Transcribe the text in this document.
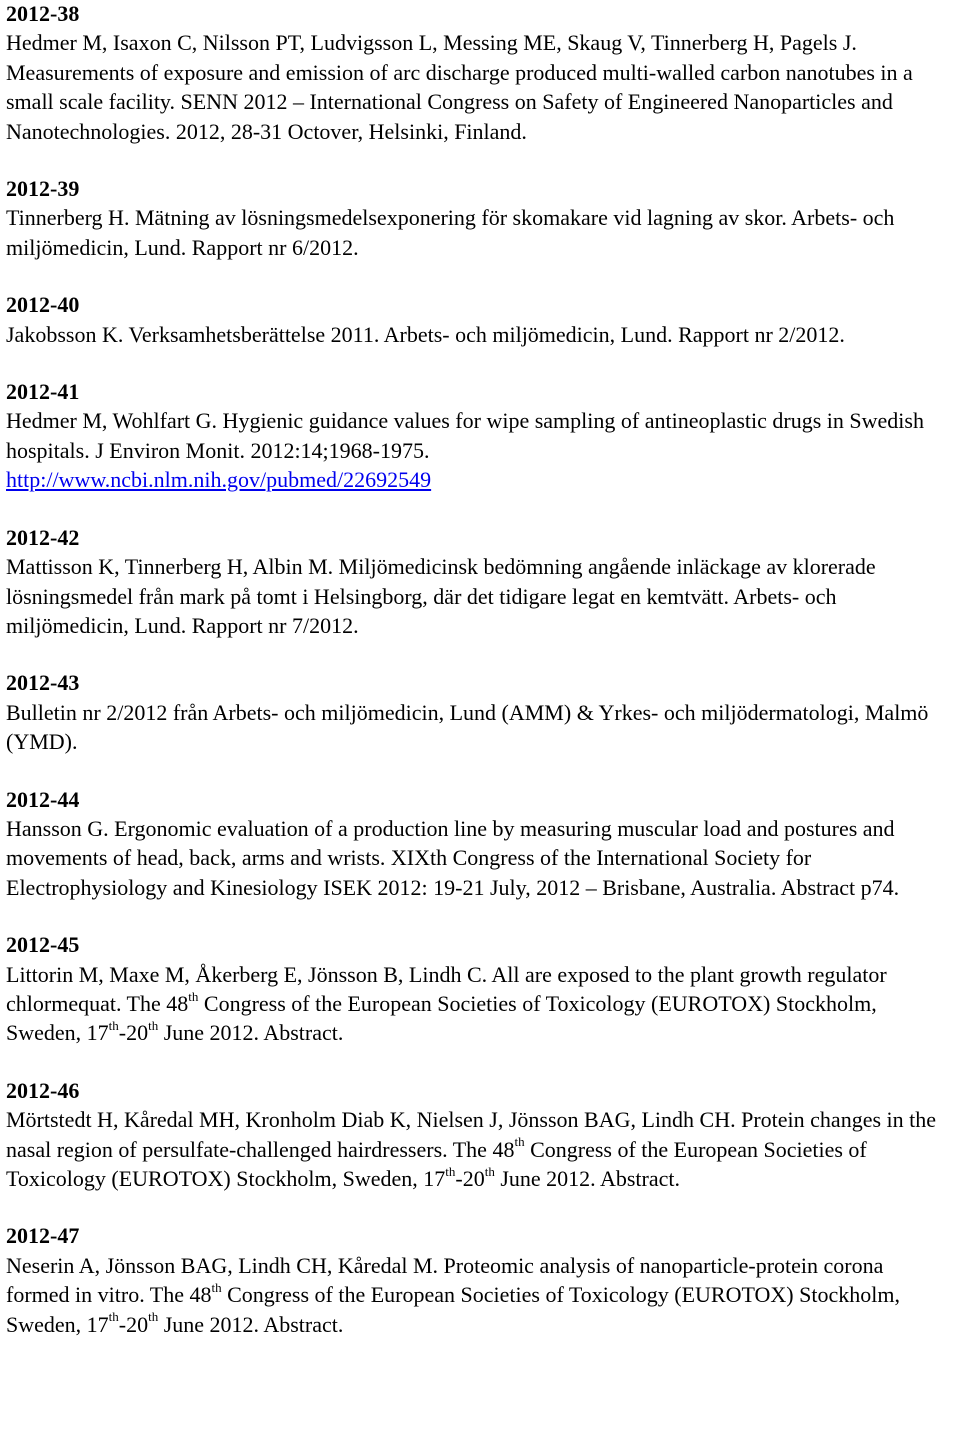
2012-38
Hedmer M, Isaxon C, Nilsson PT, Ludvigsson L, Messing ME, Skaug V, Tinnerberg H, Pagels J. Measurements of exposure and emission of arc discharge produced multi-walled carbon nanotubes in a small scale facility. SENN 2012 – International Congress on Safety of Engineered Nanoparticles and Nanotechnologies. 2012, 28-31 Octover, Helsinki, Finland.
2012-39
Tinnerberg H. Mätning av lösningsmedelsexponering för skomakare vid lagning av skor. Arbets- och miljömedicin, Lund. Rapport nr 6/2012.
2012-40
Jakobsson K. Verksamhetsberättelse 2011. Arbets- och miljömedicin, Lund. Rapport nr 2/2012.
2012-41
Hedmer M, Wohlfart G. Hygienic guidance values for wipe sampling of antineoplastic drugs in Swedish hospitals. J Environ Monit. 2012:14;1968-1975.
http://www.ncbi.nlm.nih.gov/pubmed/22692549
2012-42
Mattisson K, Tinnerberg H, Albin M. Miljömedicinsk bedömning angående inläckage av klorerade lösningsmedel från mark på tomt i Helsingborg, där det tidigare legat en kemtvätt. Arbets- och miljömedicin, Lund. Rapport nr 7/2012.
2012-43
Bulletin nr 2/2012 från Arbets- och miljömedicin, Lund (AMM) & Yrkes- och miljödermatologi, Malmö (YMD).
2012-44
Hansson G. Ergonomic evaluation of a production line by measuring muscular load and postures and movements of head, back, arms and wrists. XIXth Congress of the International Society for Electrophysiology and Kinesiology ISEK 2012: 19-21 July, 2012 – Brisbane, Australia. Abstract p74.
2012-45
Littorin M, Maxe M, Åkerberg E, Jönsson B, Lindh C. All are exposed to the plant growth regulator chlormequat. The 48th Congress of the European Societies of Toxicology (EUROTOX) Stockholm, Sweden, 17th-20th June 2012. Abstract.
2012-46
Mörtstedt H, Kåredal MH, Kronholm Diab K, Nielsen J, Jönsson BAG, Lindh CH. Protein changes in the nasal region of persulfate-challenged hairdressers. The 48th Congress of the European Societies of Toxicology (EUROTOX) Stockholm, Sweden, 17th-20th June 2012. Abstract.
2012-47
Neserin A, Jönsson BAG, Lindh CH, Kåredal M. Proteomic analysis of nanoparticle-protein corona formed in vitro. The 48th Congress of the European Societies of Toxicology (EUROTOX) Stockholm, Sweden, 17th-20th June 2012. Abstract.
